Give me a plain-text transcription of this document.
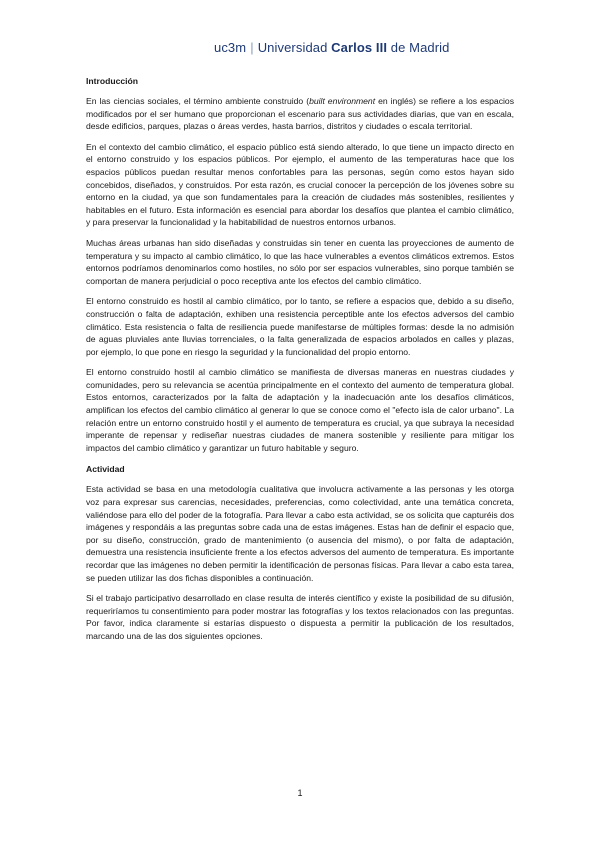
uc3m | Universidad Carlos III de Madrid
Introducción

En las ciencias sociales, el término ambiente construido (built environment en inglés) se refiere a los espacios modificados por el ser humano que proporcionan el escenario para sus actividades diarias, que van en escala, desde edificios, parques, plazas o áreas verdes, hasta barrios, distritos y ciudades o escala territorial.

En el contexto del cambio climático, el espacio público está siendo alterado, lo que tiene un impacto directo en el entorno construido y los espacios públicos. Por ejemplo, el aumento de las temperaturas hace que los espacios públicos puedan resultar menos confortables para las personas, según como estos hayan sido concebidos, diseñados, y construidos. Por esta razón, es crucial conocer la percepción de los jóvenes sobre su entorno en la ciudad, ya que son fundamentales para la creación de ciudades más sostenibles, resilientes y habitables en el futuro. Esta información es esencial para abordar los desafíos que plantea el cambio climático, y para preservar la funcionalidad y la habitabilidad de nuestros entornos urbanos.

Muchas áreas urbanas han sido diseñadas y construidas sin tener en cuenta las proyecciones de aumento de temperatura y su impacto al cambio climático, lo que las hace vulnerables a eventos climáticos extremos. Estos entornos podríamos denominarlos como hostiles, no sólo por ser espacios vulnerables, sino porque también se comportan de manera perjudicial o poco receptiva ante los efectos del cambio climático.

El entorno construido es hostil al cambio climático, por lo tanto, se refiere a espacios que, debido a su diseño, construcción o falta de adaptación, exhiben una resistencia perceptible ante los efectos adversos del cambio climático. Esta resistencia o falta de resiliencia puede manifestarse de múltiples formas: desde la no admisión de aguas pluviales ante lluvias torrenciales, o la falta generalizada de espacios arbolados en calles y plazas, por ejemplo, lo que pone en riesgo la seguridad y la funcionalidad del propio entorno.

El entorno construido hostil al cambio climático se manifiesta de diversas maneras en nuestras ciudades y comunidades, pero su relevancia se acentúa principalmente en el contexto del aumento de temperatura global. Estos entornos, caracterizados por la falta de adaptación y la inadecuación ante los desafíos climáticos, amplifican los efectos del cambio climático al generar lo que se conoce como el "efecto isla de calor urbano". La relación entre un entorno construido hostil y el aumento de temperatura es crucial, ya que subraya la necesidad imperante de repensar y rediseñar nuestras ciudades de manera sostenible y resiliente para mitigar los impactos del cambio climático y garantizar un futuro habitable y seguro.

Actividad

Esta actividad se basa en una metodología cualitativa que involucra activamente a las personas y les otorga voz para expresar sus carencias, necesidades, preferencias, como colectividad, ante una temática concreta, valiéndose para ello del poder de la fotografía. Para llevar a cabo esta actividad, se os solicita que capturéis dos imágenes y respondáis a las preguntas sobre cada una de estas imágenes. Estas han de definir el espacio que, por su diseño, construcción, grado de mantenimiento (o ausencia del mismo), o por falta de adaptación, demuestra una resistencia insuficiente frente a los efectos adversos del aumento de temperatura. Es importante recordar que las imágenes no deben permitir la identificación de personas físicas. Para llevar a cabo esta tarea, se pueden utilizar las dos fichas disponibles a continuación.

Si el trabajo participativo desarrollado en clase resulta de interés científico y existe la posibilidad de su difusión, requeriríamos tu consentimiento para poder mostrar las fotografías y los textos relacionados con las preguntas. Por favor, indica claramente si estarías dispuesto o dispuesta a permitir la publicación de los resultados, marcando una de las dos siguientes opciones.

1
